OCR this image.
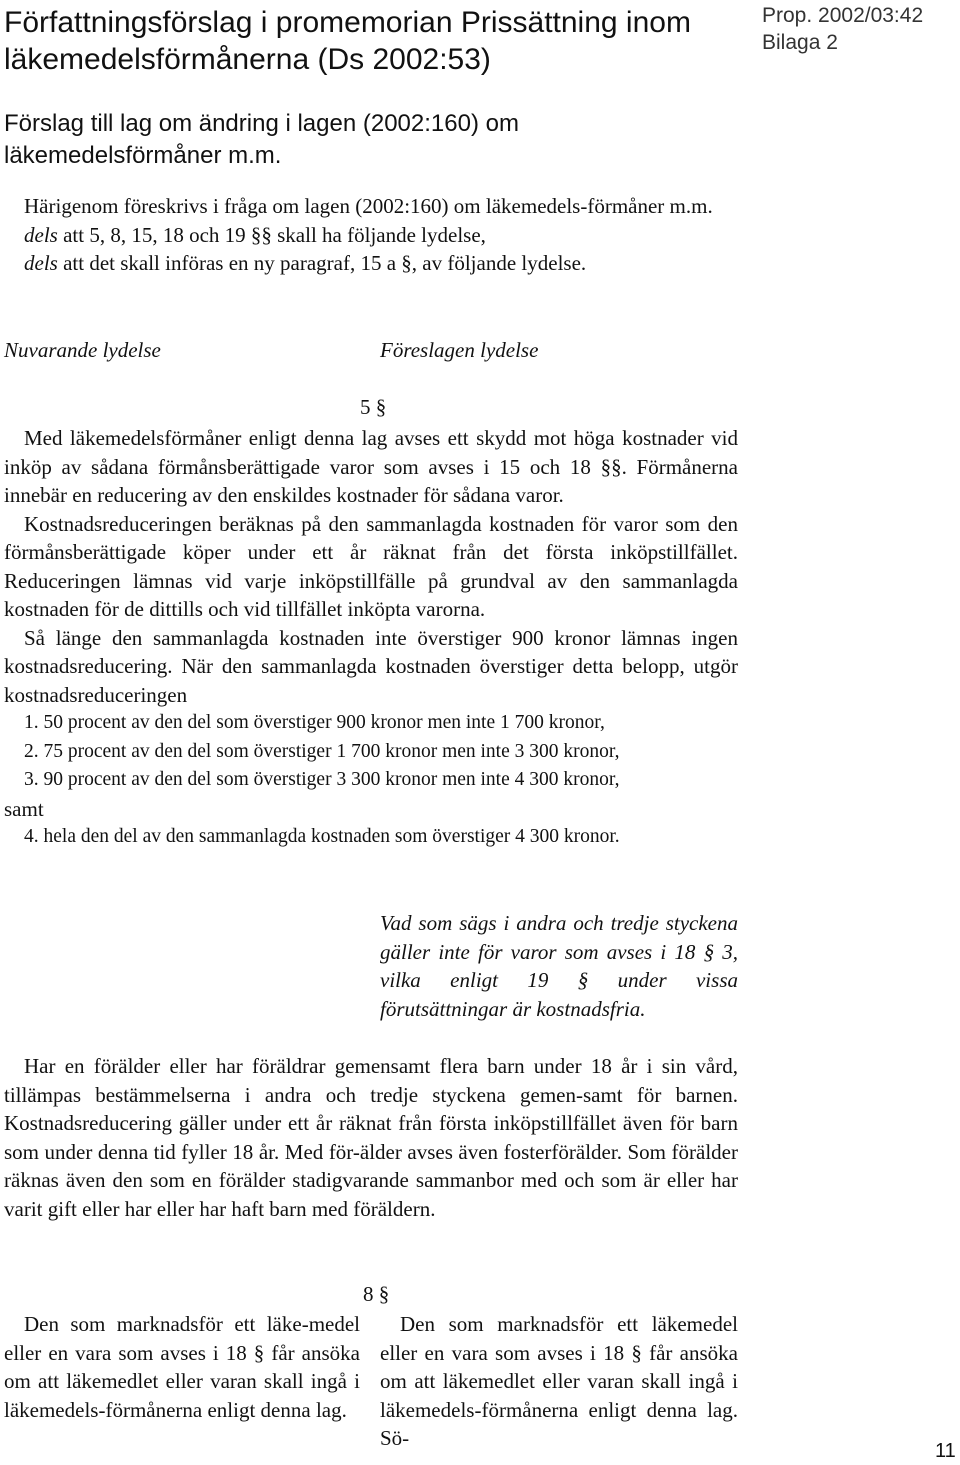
Författningsförslag i promemorian Prissättning inom läkemedelsförmånerna (Ds 2002:53)
Prop. 2002/03:42
Bilaga 2
Förslag till lag om ändring i lagen (2002:160) om läkemedelsförmåner m.m.
Härigenom föreskrivs i fråga om lagen (2002:160) om läkemedels-förmåner m.m.
dels att 5, 8, 15, 18 och 19 §§ skall ha följande lydelse,
dels att det skall införas en ny paragraf, 15 a §, av följande lydelse.
Nuvarande lydelse	Föreslagen lydelse
5 §
Med läkemedelsförmåner enligt denna lag avses ett skydd mot höga kostnader vid inköp av sådana förmånsberättigade varor som avses i 15 och 18 §§. Förmånerna innebär en reducering av den enskildes kostnader för sådana varor.
Kostnadsreduceringen beräknas på den sammanlagda kostnaden för varor som den förmånsberättigade köper under ett år räknat från det första inköpstillfället. Reduceringen lämnas vid varje inköpstillfälle på grundval av den sammanlagda kostnaden för de dittills och vid tillfället inköpta varorna.
Så länge den sammanlagda kostnaden inte överstiger 900 kronor lämnas ingen kostnadsreducering. När den sammanlagda kostnaden överstiger detta belopp, utgör kostnadsreduceringen
1. 50 procent av den del som överstiger 900 kronor men inte 1 700 kronor,
2. 75 procent av den del som överstiger 1 700 kronor men inte 3 300 kronor,
3. 90 procent av den del som överstiger 3 300 kronor men inte 4 300 kronor,
samt
4. hela den del av den sammanlagda kostnaden som överstiger 4 300 kronor.
Vad som sägs i andra och tredje styckena gäller inte för varor som avses i 18 § 3, vilka enligt 19 § under vissa förutsättningar är kostnadsfria.
Har en förälder eller har föräldrar gemensamt flera barn under 18 år i sin vård, tillämpas bestämmelserna i andra och tredje styckena gemen-samt för barnen. Kostnadsreducering gäller under ett år räknat från första inköpstillfället även för barn som under denna tid fyller 18 år. Med för-älder avses även fosterförälder. Som förälder räknas även den som en förälder stadigvarande sammanbor med och som är eller har varit gift eller har eller har haft barn med föräldern.
8 §
Den som marknadsför ett läke-medel eller en vara som avses i 18 § får ansöka om att läkemedlet eller varan skall ingå i läkemedels-förmånerna enligt denna lag.
Den som marknadsför ett läkemedel eller en vara som avses i 18 § får ansöka om att läkemedlet eller varan skall ingå i läkemedels-förmånerna enligt denna lag. Sö-
11
